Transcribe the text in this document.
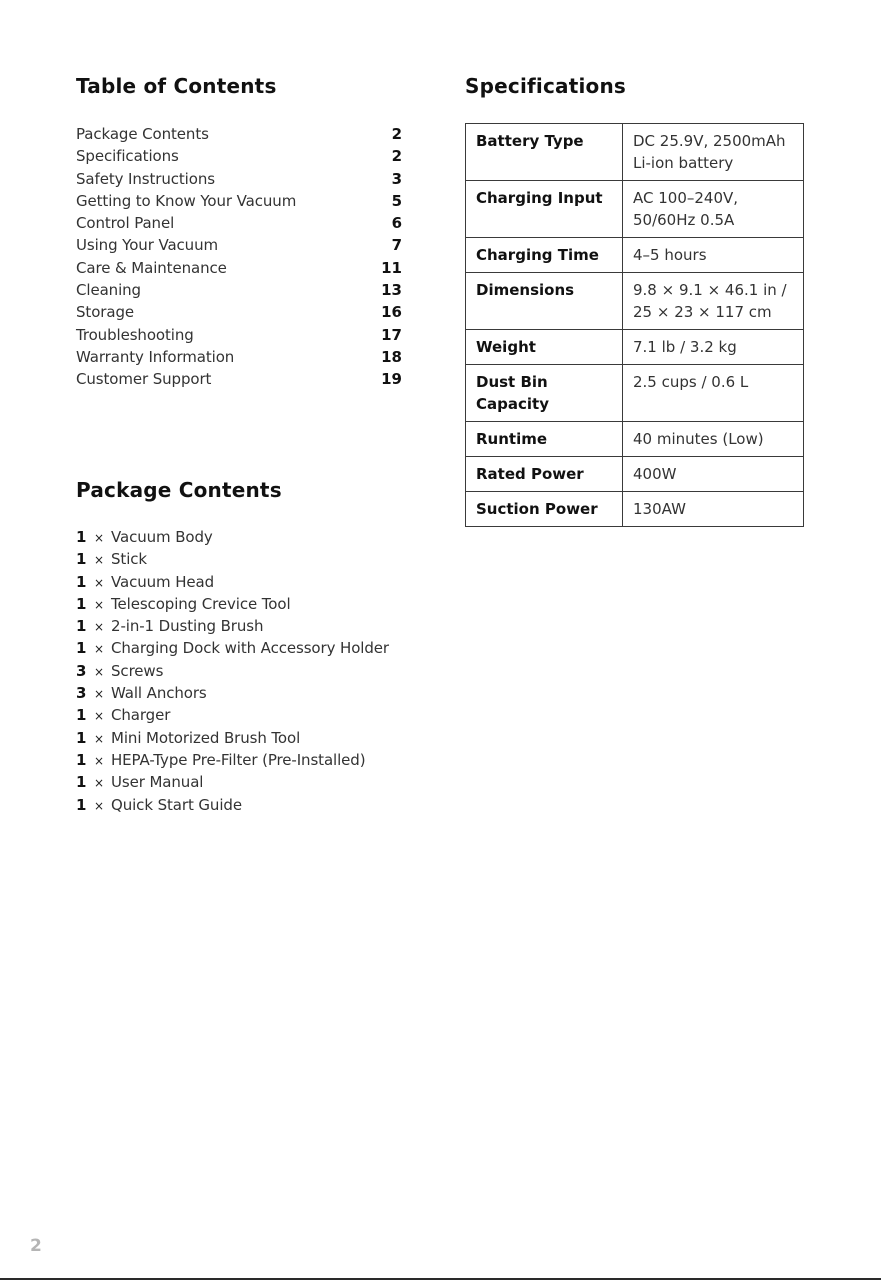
Table of Contents
Package Contents	2
Specifications	2
Safety Instructions	3
Getting to Know Your Vacuum	5
Control Panel	6
Using Your Vacuum	7
Care & Maintenance	11
Cleaning	13
Storage	16
Troubleshooting	17
Warranty Information	18
Customer Support	19
Package Contents
1 × Vacuum Body
1 × Stick
1 × Vacuum Head
1 × Telescoping Crevice Tool
1 × 2-in-1 Dusting Brush
1 × Charging Dock with Accessory Holder
3 × Screws
3 × Wall Anchors
1 × Charger
1 × Mini Motorized Brush Tool
1 × HEPA-Type Pre-Filter (Pre-Installed)
1 × User Manual
1 × Quick Start Guide
Specifications
Battery Type	DC 25.9V, 2500mAh
Li-ion battery

Charging Input	AC 100–240V,
50/60Hz 0.5A

Charging Time	4–5 hours

Dimensions	9.8 × 9.1 × 46.1 in /
25 × 23 × 117 cm

Weight	7.1 lb / 3.2 kg

Dust Bin Capacity	2.5 cups / 0.6 L

Runtime	40 minutes (Low)

Rated Power	400W

Suction Power	130AW
2
